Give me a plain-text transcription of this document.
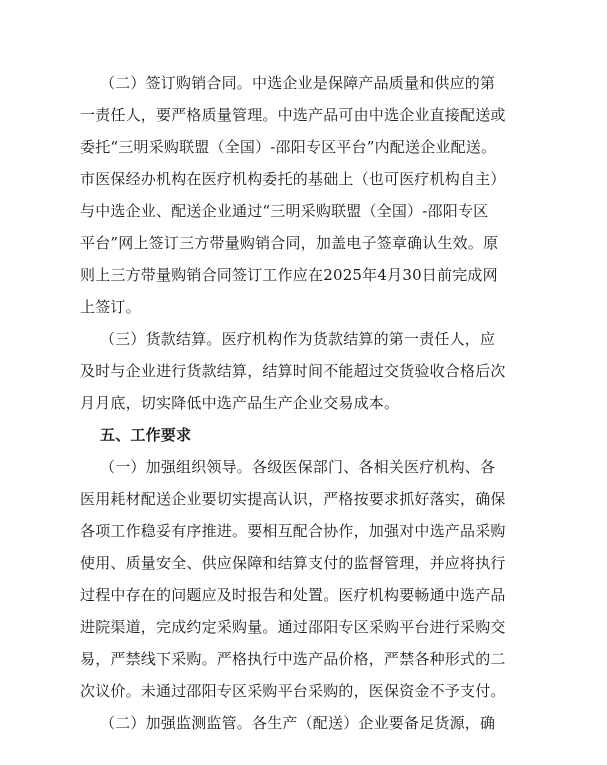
（二）签订购销合同。中选企业是保障产品质量和供应的第
一责任人，要严格质量管理。中选产品可由中选企业直接配送或
委托“三明采购联盟（全国）-邵阳专区平台”内配送企业配送。
市医保经办机构在医疗机构委托的基础上（也可医疗机构自主）
与中选企业、配送企业通过“三明采购联盟（全国）-邵阳专区
平台”网上签订三方带量购销合同，加盖电子签章确认生效。原
则上三方带量购销合同签订工作应在2025年4月30日前完成网
上签订。
（三）货款结算。医疗机构作为货款结算的第一责任人，应
及时与企业进行货款结算，结算时间不能超过交货验收合格后次
月月底，切实降低中选产品生产企业交易成本。
五、工作要求
（一）加强组织领导。各级医保部门、各相关医疗机构、各
医用耗材配送企业要切实提高认识，严格按要求抓好落实，确保
各项工作稳妥有序推进。要相互配合协作，加强对中选产品采购
使用、质量安全、供应保障和结算支付的监督管理，并应将执行
过程中存在的问题应及时报告和处置。医疗机构要畅通中选产品
进院渠道，完成约定采购量。通过邵阳专区采购平台进行采购交
易，严禁线下采购。严格执行中选产品价格，严禁各种形式的二
次议价。未通过邵阳专区采购平台采购的，医保资金不予支付。
（二）加强监测监管。各生产（配送）企业要备足货源，确
